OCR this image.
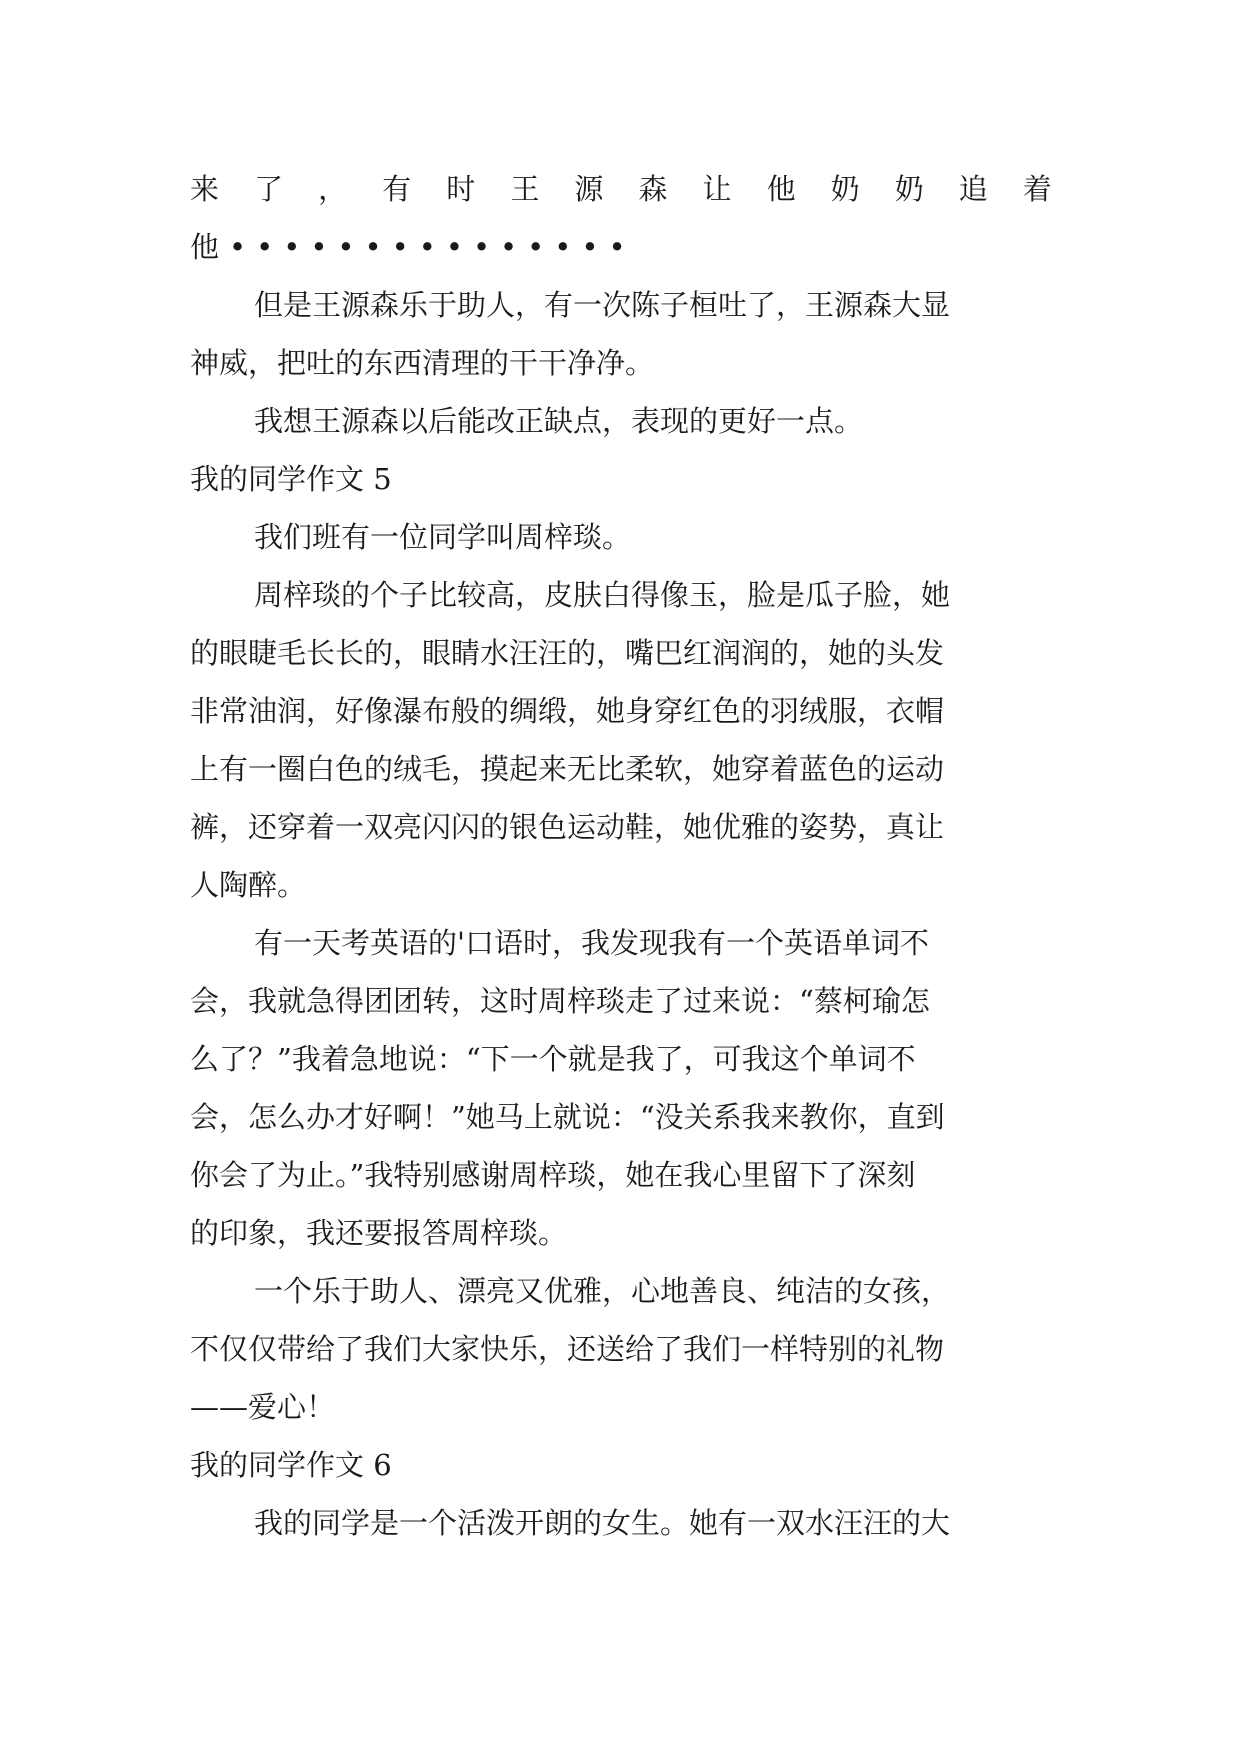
来 了 ， 有 时 王 源 森 让 他 奶 奶 追 着
他•••••••••••••••
但是王源森乐于助人，有一次陈子桓吐了，王源森大显
神威，把吐的东西清理的干干净净。
我想王源森以后能改正缺点，表现的更好一点。
我的同学作文 5
我们班有一位同学叫周梓琰。
周梓琰的个子比较高，皮肤白得像玉，脸是瓜子脸，她
的眼睫毛长长的，眼睛水汪汪的，嘴巴红润润的，她的头发
非常油润，好像瀑布般的绸缎，她身穿红色的羽绒服，衣帽
上有一圈白色的绒毛，摸起来无比柔软，她穿着蓝色的运动
裤，还穿着一双亮闪闪的银色运动鞋，她优雅的姿势，真让
人陶醉。
有一天考英语的'口语时，我发现我有一个英语单词不
会，我就急得团团转，这时周梓琰走了过来说：“蔡柯瑜怎
么了？”我着急地说：“下一个就是我了，可我这个单词不
会，怎么办才好啊！”她马上就说：“没关系我来教你，直到
你会了为止。”我特别感谢周梓琰，她在我心里留下了深刻
的印象，我还要报答周梓琰。
一个乐于助人、漂亮又优雅，心地善良、纯洁的女孩，
不仅仅带给了我们大家快乐，还送给了我们一样特别的礼物
——爱心！
我的同学作文 6
我的同学是一个活泼开朗的女生。她有一双水汪汪的大
